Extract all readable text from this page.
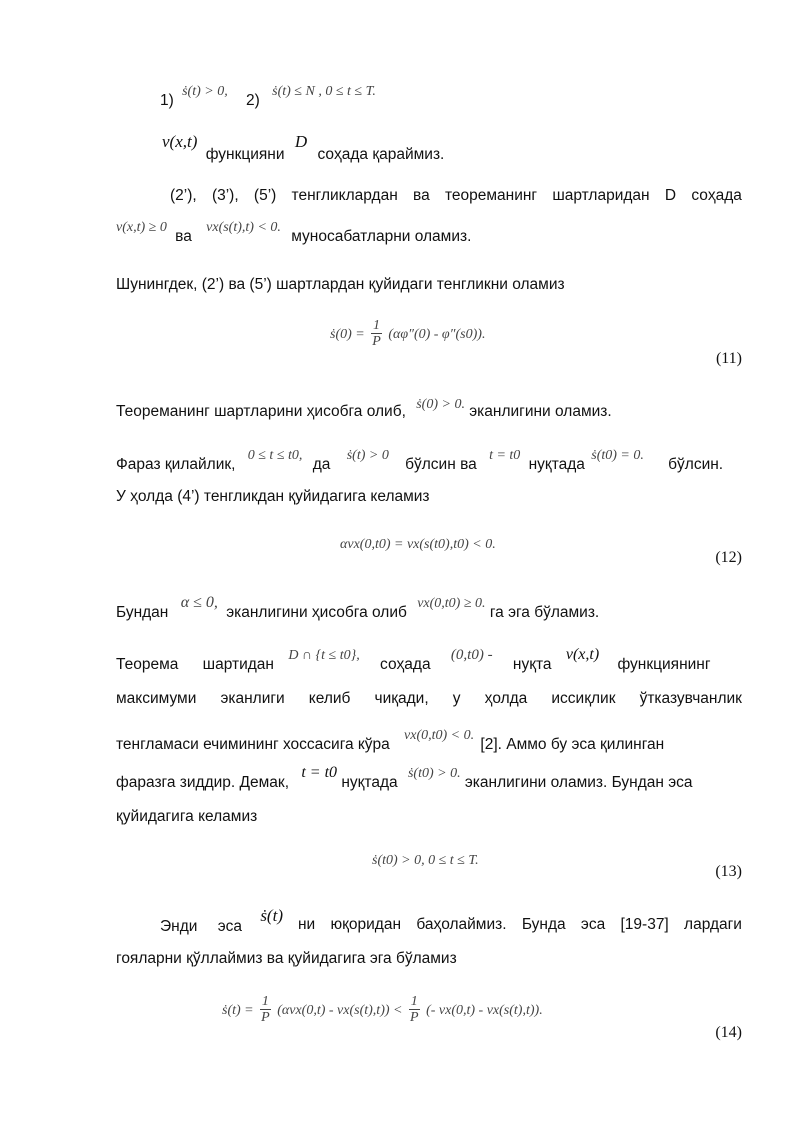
1) ṡ(t) > 0, 2) ṡ(t) ≤ N , 0 ≤ t ≤ T.
v(x,t) функцияни D соҳада қараймиз.
(2’), (3’), (5’) тенгликлардан ва теореманинг шартларидан D соҳада
v(x,t) ≥ 0 ва vx(s(t),t) < 0. муносабатларни оламиз.
Шунингдек, (2’) ва (5’) шартлардан қуйидаги тенгликни оламиз
ṡ(0) = $\frac{1}{P} (\alpha\varphi''(0) - \varphi''(s0))$.
(11)
Теореманинг шартларини ҳисобга олиб, ṡ(0) > 0. эканлигини оламиз.
Фараз қилайлик, 0 ≤ t ≤ t0, да ṡ(t) > 0 бўлсин ва t = t0 нуқтада ṡ(t0) = 0. бўлсин.
У ҳолда (4’) тенгликдан қуйидагига келамиз
αvx(0,t0) = vx(s(t0),t0) < 0.
(12)
Бундан α ≤ 0, эканлигини ҳисобга олиб vx(0,t0) ≥ 0. га эга бўламиз.
Теорема шартидан D ∩ {t ≤ t0}, соҳада (0,t0) - нуқта v(x,t) функциянинг
максимуми эканлиги келиб чиқади, у ҳолда иссиқлик ўтказувчанлик
тенгламаси ечимининг хоссасига кўра vx(0,t0) < 0. [2]. Аммо бу эса қилинган
фаразга зиддир. Демак, t = t0 нуқтада ṡ(t0) > 0. эканлигини оламиз. Бундан эса
қуйидагига келамиз
ṡ(t0) > 0, 0 ≤ t ≤ T.
(13)
Энди эса ṡ(t) ни юқоридан баҳолаймиз. Бунда эса [19-37] лардаги
гояларни қўллаймиз ва қуйидагига эга бўламиз
ṡ(t) = $\frac{1}{P} (\alpha vx(0,t) - vx(s(t),t)) < \frac{1}{P}$ (- vx(0,t) - vx(s(t),t)).
(14)
